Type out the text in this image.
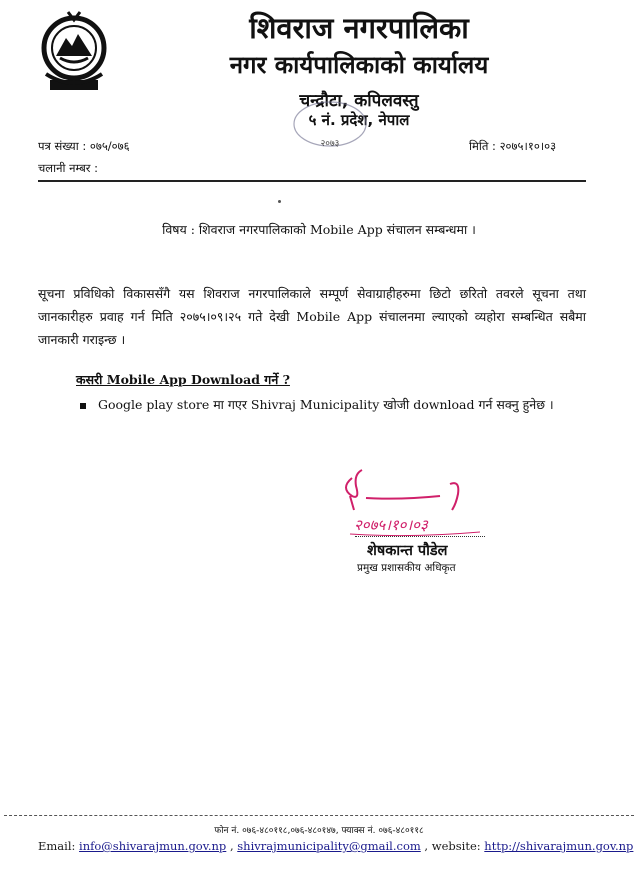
शिवराज नगरपालिका
नगर कार्यपालिकाको कार्यालय
चन्द्रौटा, कपिलवस्तु
५ नं. प्रदेश, नेपाल
२०७३
पत्र संख्या : ०७५/०७६	मिति : २०७५।१०।०३
चलानी नम्बर :
विषय : शिवराज नगरपालिकाको Mobile App संचालन सम्बन्धमा ।
सूचना प्रविधिको विकाससँगै यस शिवराज नगरपालिकाले सम्पूर्ण सेवाग्राहीहरुमा छिटो छरितो तवरले सूचना तथा जानकारीहरु प्रवाह गर्न मिति २०७५।०९।२५ गते देखी Mobile App संचालनमा ल्याएको व्यहोरा सम्बन्धित सबैमा जानकारी गराइन्छ ।
कसरी Mobile App Download गर्ने ?
Google play store मा गएर Shivraj Municipality खोजी download गर्न सक्नु हुनेछ ।
२०७५।१०।०३
शेषकान्त पौडेल
प्रमुख प्रशासकीय अधिकृत
फोन नं. ०७६-४८०११८,०७६-४८०१४७, फ्याक्स नं. ०७६-४८०११८
Email: info@shivarajmun.gov.np , shivrajmunicipality@gmail.com , website: http://shivarajmun.gov.np
